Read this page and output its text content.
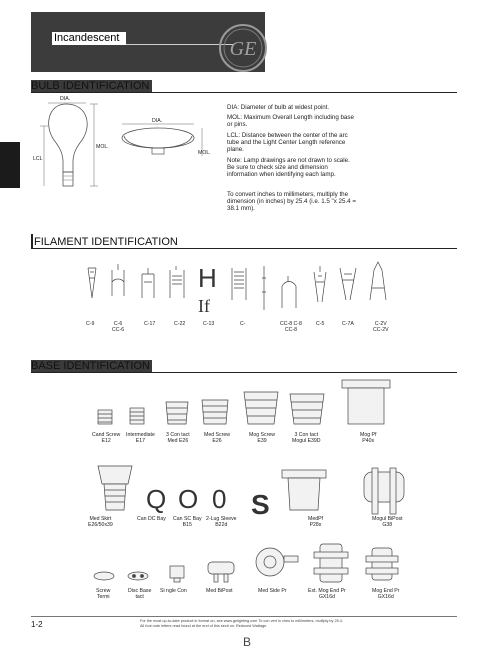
Incandescent	GE
BULB IDENTIFICATION
DIA.
MOL.
LCL
DIA.
MOL.
DIA: Diameter of bulb at widest point.
MOL: Maximum Overall Length including base or pins.
LCL: Distance between the center of the arc tube and the Light Center Length reference plane.
Note: Lamp drawings are not drawn to scale. Be sure to check size and dimension information when identifying each lamp.
To convert inches to millimeters, multiply the dimension (in inches) by 25.4 (i.e. 1.5 "x 25.4 = 38.1 mm).
FILAMENT IDENTIFICATION
H
If
C-9	C-6
CC-6
C-17	C-22	C-13	C-	CC-8 C-8
CC-8
C-5	C-7A	C-2V
CC-2V
BASE IDENTIFICATION
Cand Screw
E12
Intermediate
E17
3 Con tact
Med E26
Med Screw
E26
Mog Screw
E39
3 Con tact
Mogul E39D
Mog Pf
P40s
Q O 0 S
Med Skirt
E26/50x39
Can DC Bay Can SC Bay
B15
2-Lug Sleeve
B22d
MedPf
P28s
Mogul BiPost
G38
Screw
Termi
Disc Base
tact
Si ngle Con	Med BiPost	Med Side Pr	Ext. Mog End Pr
GX16d
Mog End Pr
GX16d
1-2	For the most up-to-date product in format on, see www.gelighting.com To con vert in ches to millimeters, multiply by 25.4.
All foot note letters read found at the end of this secti on. Reduced Wattage.
B
